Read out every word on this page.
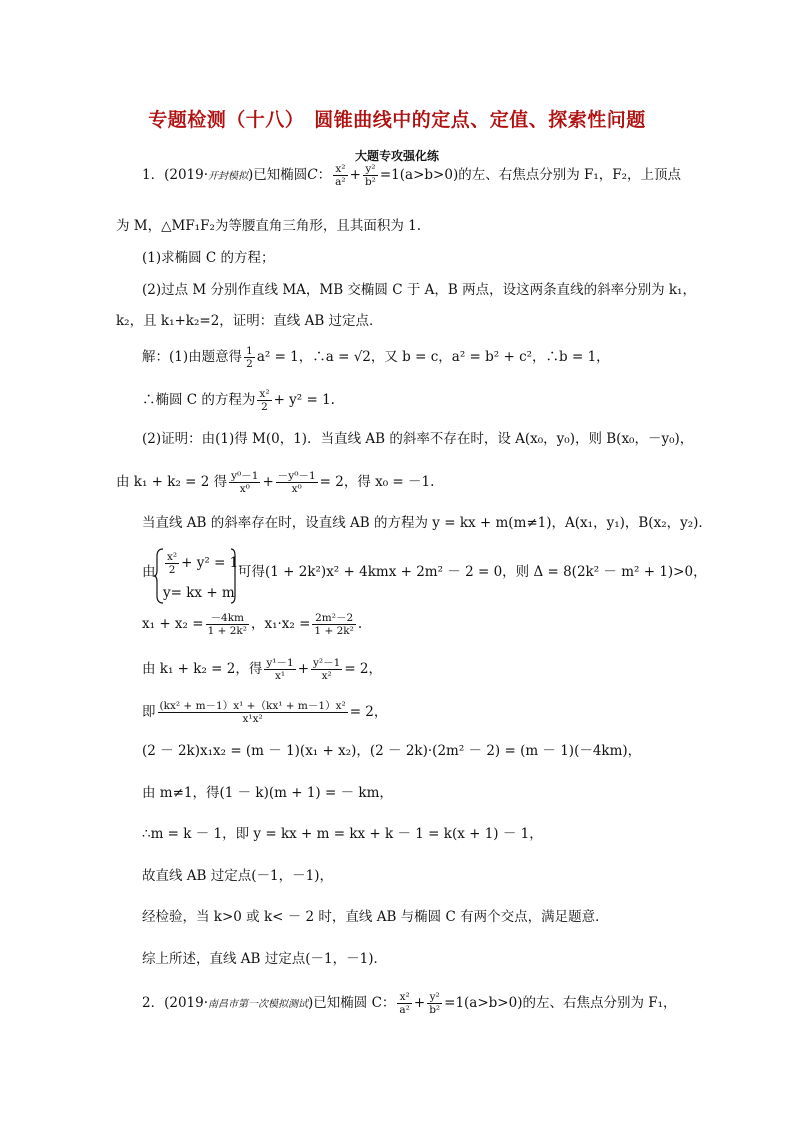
专题检测（十八）　圆锥曲线中的定点、定值、探索性问题
大题专攻强化练
1．(2019·开封模拟)已知椭圆C： $\frac{\text{x²}}{\text{a²}} + \frac{\text{y²}}{\text{b²}} =1(a>b>0)$的左、右焦点分别为 F₁，F₂，上顶点
为 M，△MF₁F₂为等腰直角三角形，且其面积为 1.
(1)求椭圆 C 的方程；
(2)过点 M 分别作直线 MA，MB 交椭圆 C 于 A，B 两点，设这两条直线的斜率分别为 k₁，
k₂，且 k₁+k₂=2，证明：直线 AB 过定点．
解：(1)由题意得 $\frac{1}{2} a^2 = 1$，∴a = √2，又 b = c，a² = b² + c²，∴b = 1，
∴椭圆 C 的方程为 $\frac{\text{x²}}{2} + y^2 = 1$.
(2)证明：由(1)得 M(0，1)．当直线 AB 的斜率不存在时，设 A(x₀，y₀)，则 B(x₀，－y₀)，
由 k₁ + k₂ = 2 得 $\frac{\text{y⁰－1}}{\text{x⁰}} + \frac{\text{－y⁰－1}}{\text{x⁰}} = 2$，得 x₀ = －1.
当直线 AB 的斜率存在时，设直线 AB 的方程为 y = kx + m(m≠1)，A(x₁，y₁)，B(x₂，y₂)．
由 $\frac{\text{x²}}{2} + y^2 = 1$，
y= kx + m
可得(1 + 2k²)x² + 4kmx + 2m² － 2 = 0，则 Δ = 8(2k² － m² + 1)>0，
$x_1 + x_2 = \frac{-4km}{\text{1 + 2k²}}$ ，$x_1\cdot x_2 = \frac{\text{2m²－2}}{\text{1 + 2k²}}$ .
由 k₁ + k₂ = 2，得 $\frac{\text{y¹－1}}{\text{x¹}} + \frac{\text{y²－1}}{\text{x²}} = 2$，
即 $\frac{\text{(kx² + m－1）x¹ +（kx¹ + m－1）x²}}{\text{x¹x²}} = 2$，
(2 － 2k)x₁x₂ = (m － 1)(x₁ + x₂)，(2 － 2k)·(2m² － 2) = (m － 1)(－4km)，
由 m≠1，得(1 － k)(m + 1) = － km，
∴m = k － 1，即 y = kx + m = kx + k － 1 = k(x + 1) － 1，
故直线 AB 过定点(－1，－1)，
经检验，当 k>0 或 k< － 2 时，直线 AB 与椭圆 C 有两个交点，满足题意．
综上所述，直线 AB 过定点(－1，－1)．
2．(2019·南昌市第一次模拟测试)已知椭圆 C： $\frac{\text{x²}}{\text{a²}} + \frac{\text{y²}}{\text{b²}} =1(a>b>0)$的左、右焦点分别为 F₁，
